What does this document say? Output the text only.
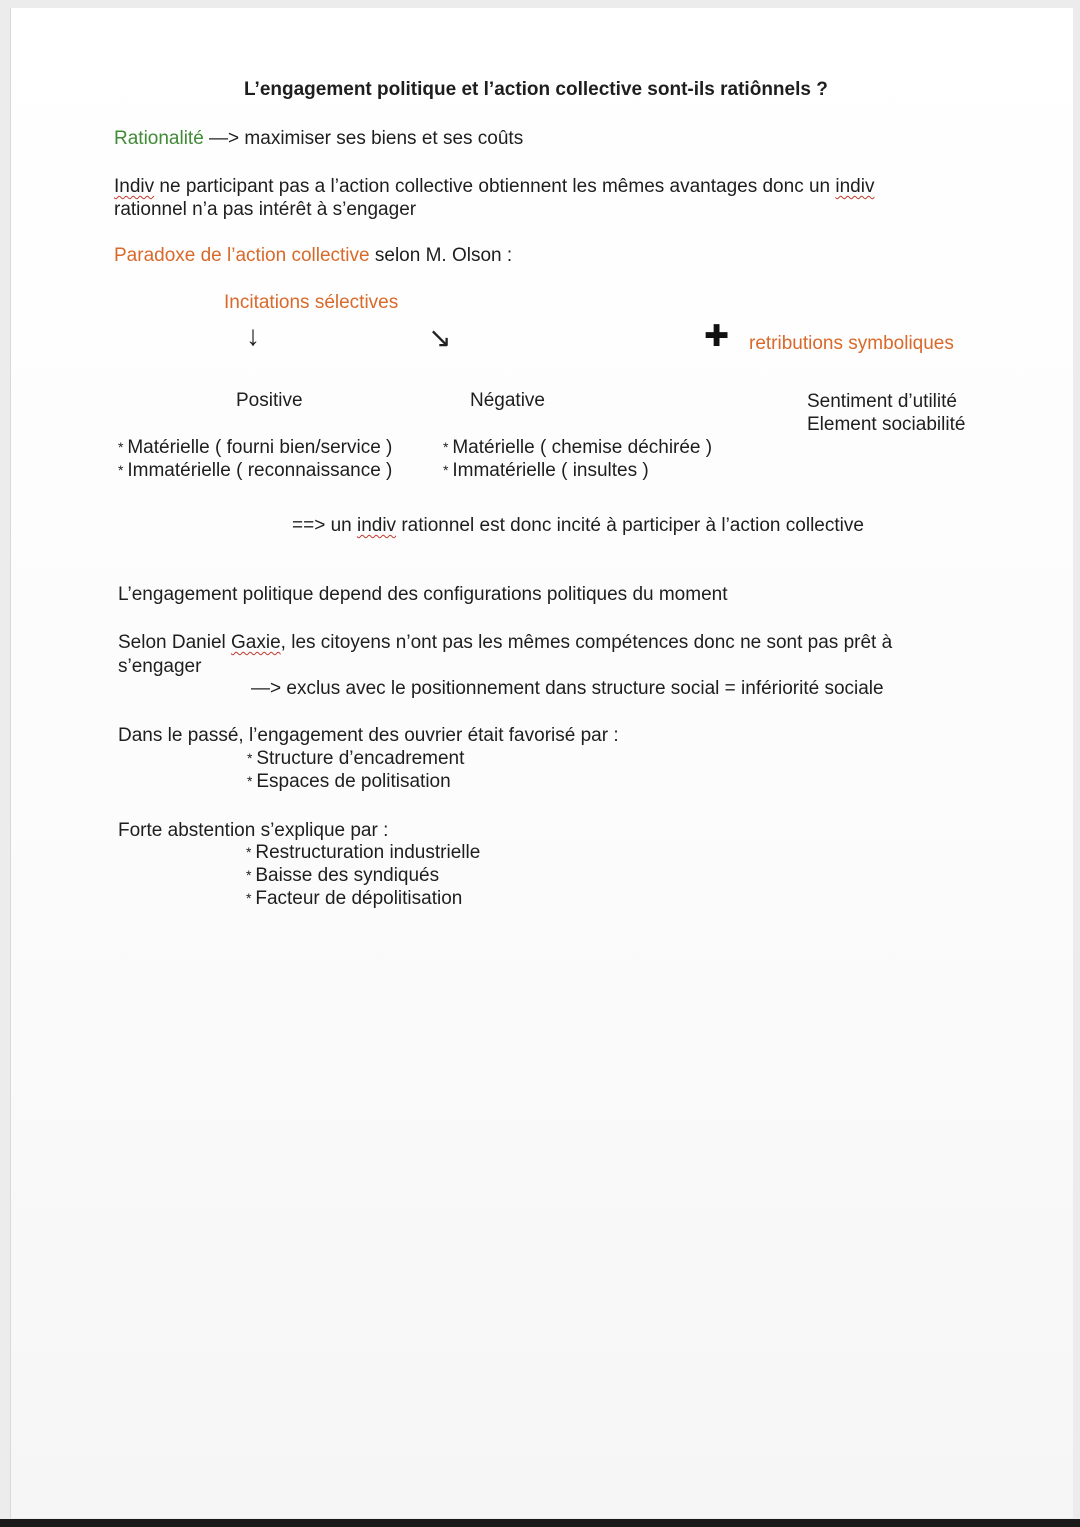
L’engagement politique et l’action collective sont-ils ratiônnels ?
Rationalité —> maximiser ses biens et ses coûts
Indiv ne participant pas a l’action collective obtiennent les mêmes avantages donc un indiv
rationnel n’a pas intérêt à s’engager
Paradoxe de l’action collective selon M. Olson :
Incitations sélectives
↓	↘	✚ retributions symboliques
Positive	Négative	Sentiment d’utilité
Element sociabilité
* Matérielle ( fourni bien/service )
* Immatérielle ( reconnaissance )
* Matérielle ( chemise déchirée )
* Immatérielle ( insultes )
==> un indiv rationnel est donc incité à participer à l’action collective
L’engagement politique depend des configurations politiques du moment
Selon Daniel Gaxie, les citoyens n’ont pas les mêmes compétences donc ne sont pas prêt à
s’engager
—> exclus avec le positionnement dans structure social = infériorité sociale
Dans le passé, l’engagement des ouvrier était favorisé par :
* Structure d’encadrement
* Espaces de politisation
Forte abstention s’explique par :
* Restructuration industrielle
* Baisse des syndiqués
* Facteur de dépolitisation
